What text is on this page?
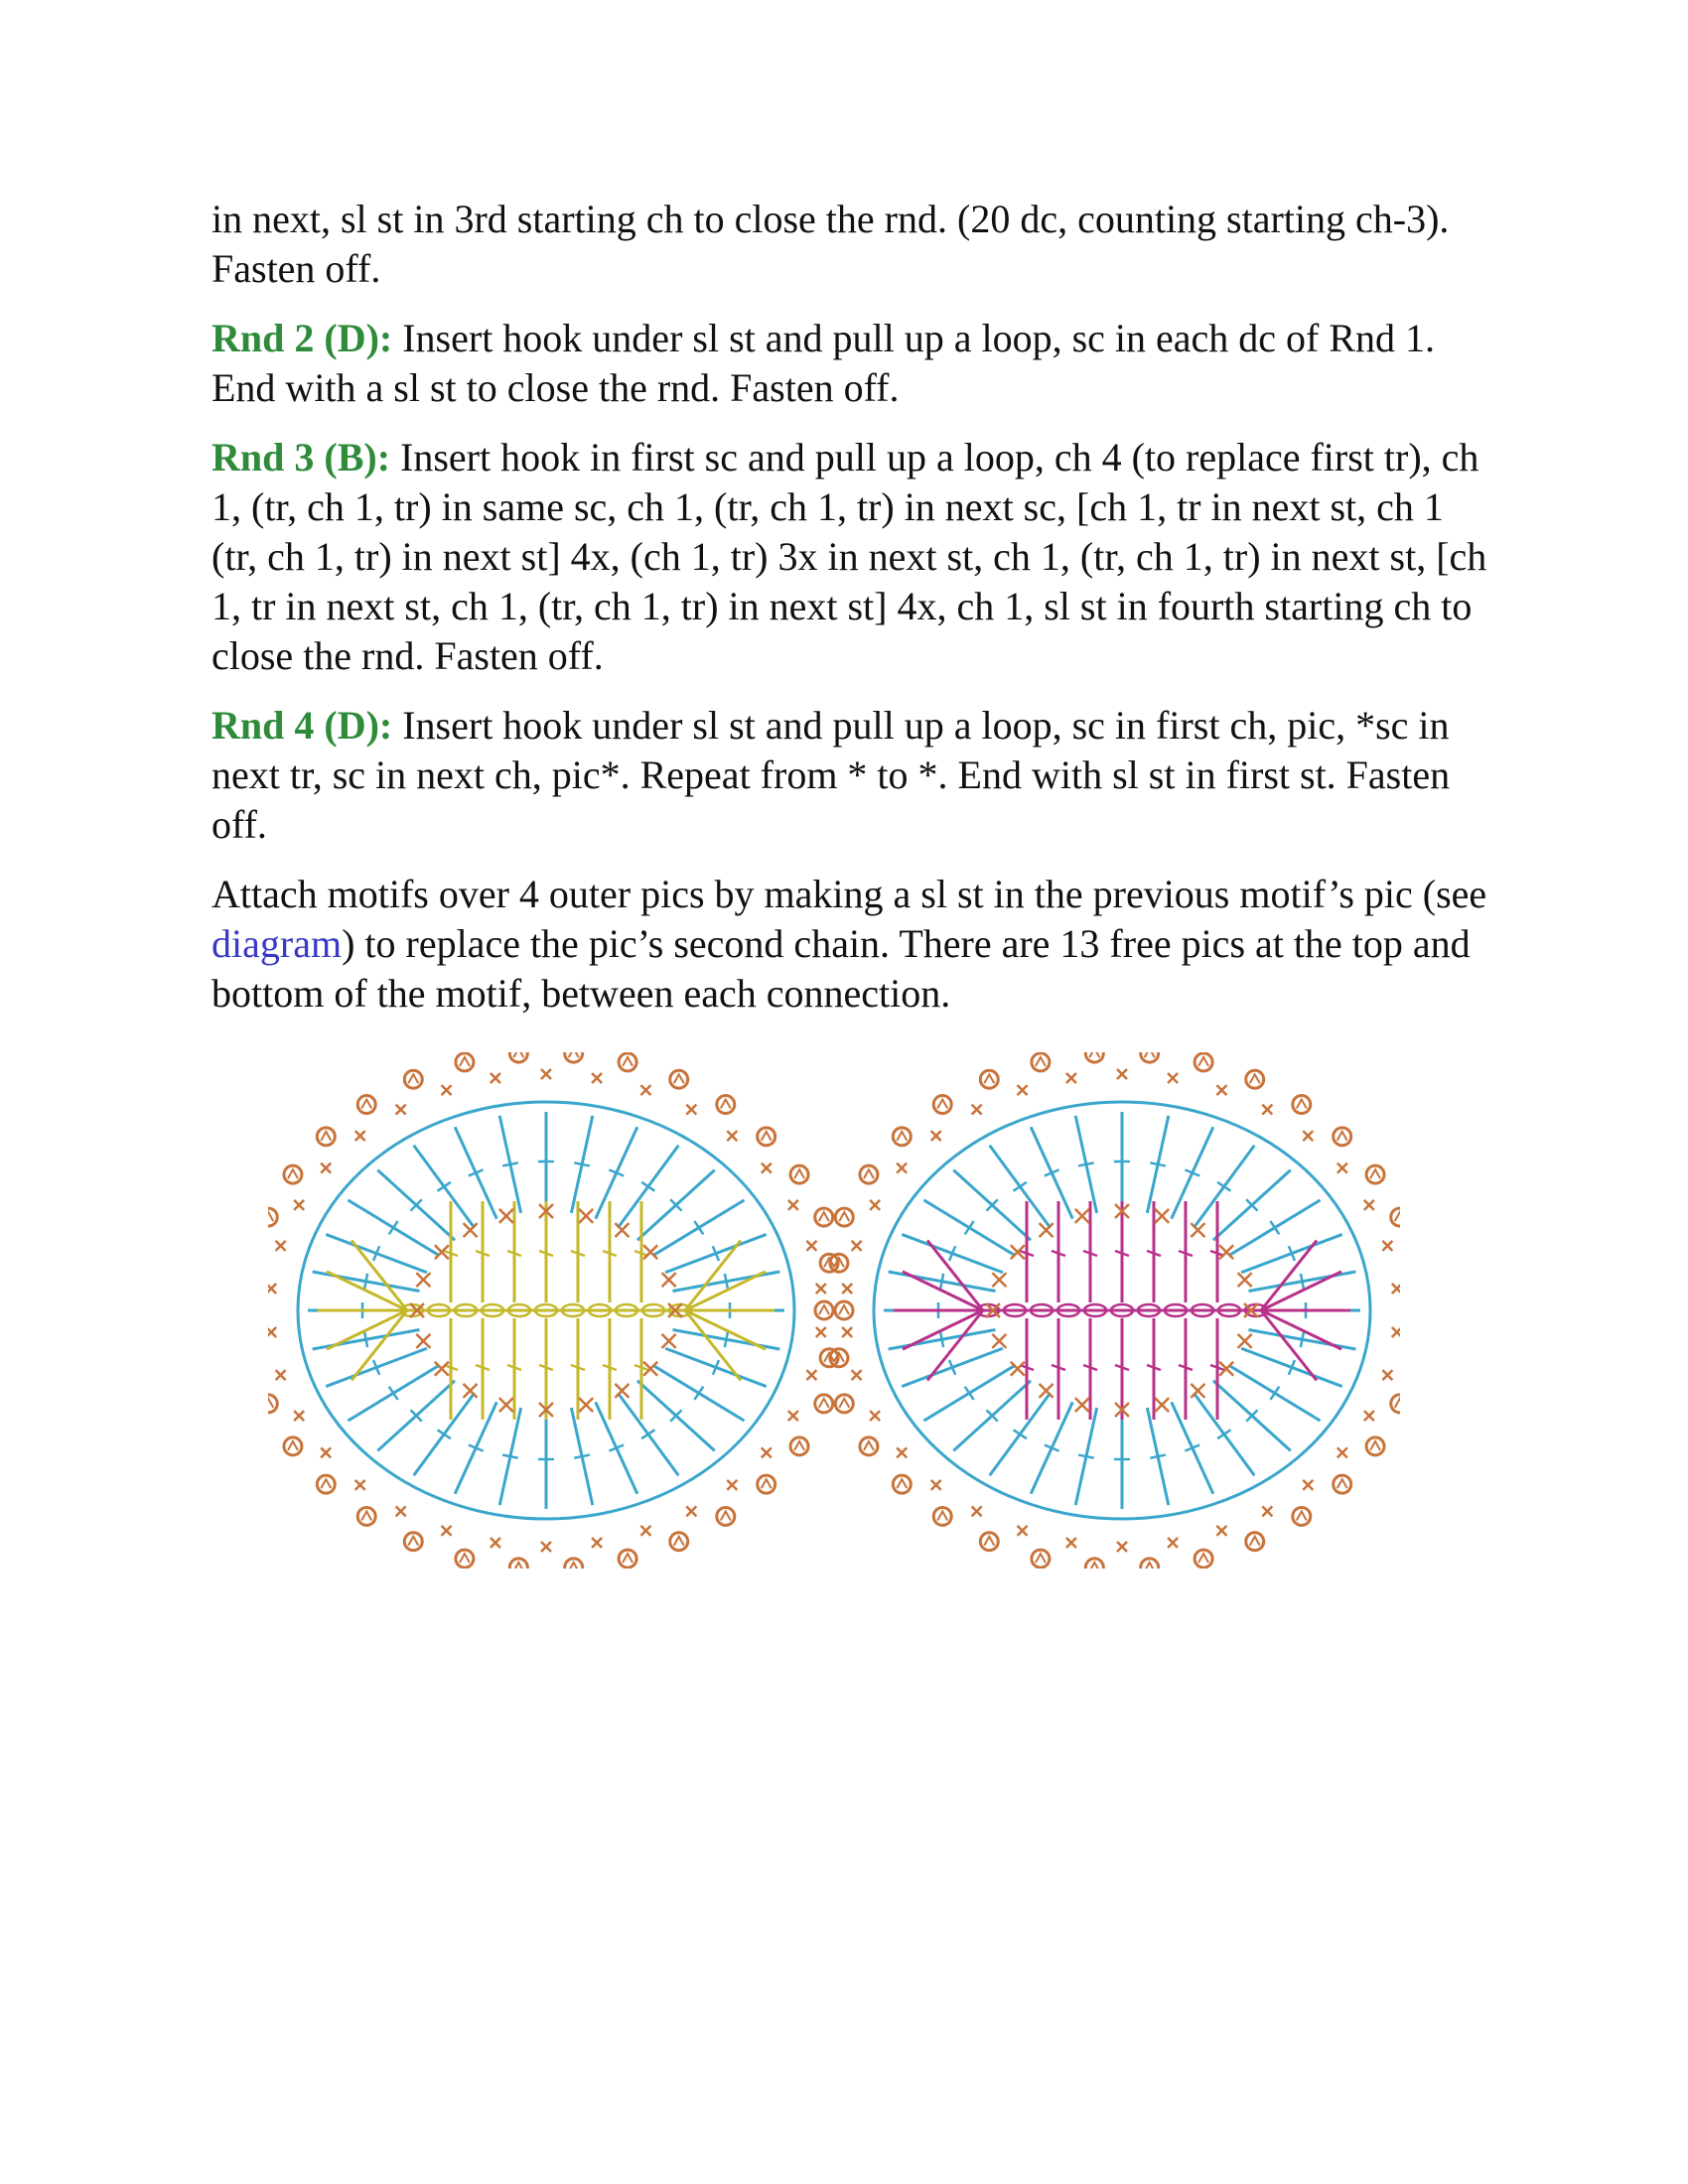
in next, sl st in 3rd starting ch to close the rnd. (20 dc, counting starting ch-3). Fasten off.

Rnd 2 (D): Insert hook under sl st and pull up a loop, sc in each dc of Rnd 1. End with a sl st to close the rnd. Fasten off.

Rnd 3 (B): Insert hook in first sc and pull up a loop, ch 4 (to replace first tr), ch 1, (tr, ch 1, tr) in same sc, ch 1, (tr, ch 1, tr) in next sc, [ch 1, tr in next st, ch 1 (tr, ch 1, tr) in next st] 4x, (ch 1, tr) 3x in next st, ch 1, (tr, ch 1, tr) in next st, [ch 1, tr in next st, ch 1, (tr, ch 1, tr) in next st] 4x, ch 1, sl st in fourth starting ch to close the rnd. Fasten off.

Rnd 4 (D): Insert hook under sl st and pull up a loop, sc in first ch, pic, *sc in next tr, sc in next ch, pic*. Repeat from * to *. End with sl st in first st. Fasten off.

Attach motifs over 4 outer pics by making a sl st in the previous motif’s pic (see diagram) to replace the pic’s second chain. There are 13 free pics at the top and bottom of the motif, between each connection.
